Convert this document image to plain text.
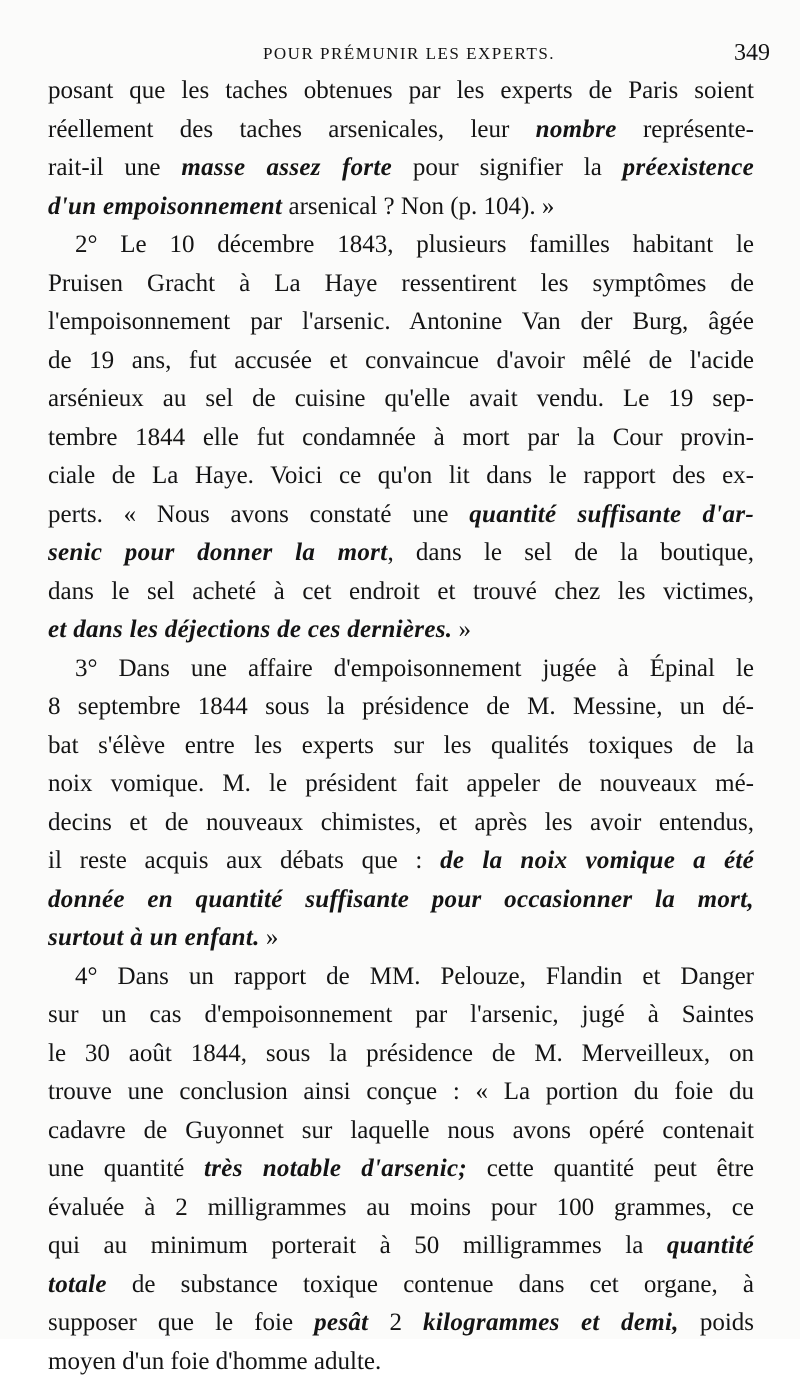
POUR PRÉMUNIR LES EXPERTS.	349
posant que les taches obtenues par les experts de Paris soient
réellement des taches arsenicales, leur nombre représente-
rait-il une masse assez forte pour signifier la préexistence
d'un empoisonnement arsenical ? Non (p. 104). »
2° Le 10 décembre 1843, plusieurs familles habitant le
Pruisen Gracht à La Haye ressentirent les symptômes de
l'empoisonnement par l'arsenic. Antonine Van der Burg, âgée
de 19 ans, fut accusée et convaincue d'avoir mêlé de l'acide
arsénieux au sel de cuisine qu'elle avait vendu. Le 19 sep-
tembre 1844 elle fut condamnée à mort par la Cour provin-
ciale de La Haye. Voici ce qu'on lit dans le rapport des ex-
perts. « Nous avons constaté une quantité suffisante d'ar-
senic pour donner la mort, dans le sel de la boutique,
dans le sel acheté à cet endroit et trouvé chez les victimes,
et dans les déjections de ces dernières. »
3° Dans une affaire d'empoisonnement jugée à Épinal le
8 septembre 1844 sous la présidence de M. Messine, un dé-
bat s'élève entre les experts sur les qualités toxiques de la
noix vomique. M. le président fait appeler de nouveaux mé-
decins et de nouveaux chimistes, et après les avoir entendus,
il reste acquis aux débats que : de la noix vomique a été
donnée en quantité suffisante pour occasionner la mort,
surtout à un enfant. »
4° Dans un rapport de MM. Pelouze, Flandin et Danger
sur un cas d'empoisonnement par l'arsenic, jugé à Saintes
le 30 août 1844, sous la présidence de M. Merveilleux, on
trouve une conclusion ainsi conçue : « La portion du foie du
cadavre de Guyonnet sur laquelle nous avons opéré contenait
une quantité très notable d'arsenic; cette quantité peut être
évaluée à 2 milligrammes au moins pour 100 grammes, ce
qui au minimum porterait à 50 milligrammes la quantité
totale de substance toxique contenue dans cet organe, à
supposer que le foie pesât 2 kilogrammes et demi, poids
moyen d'un foie d'homme adulte.
